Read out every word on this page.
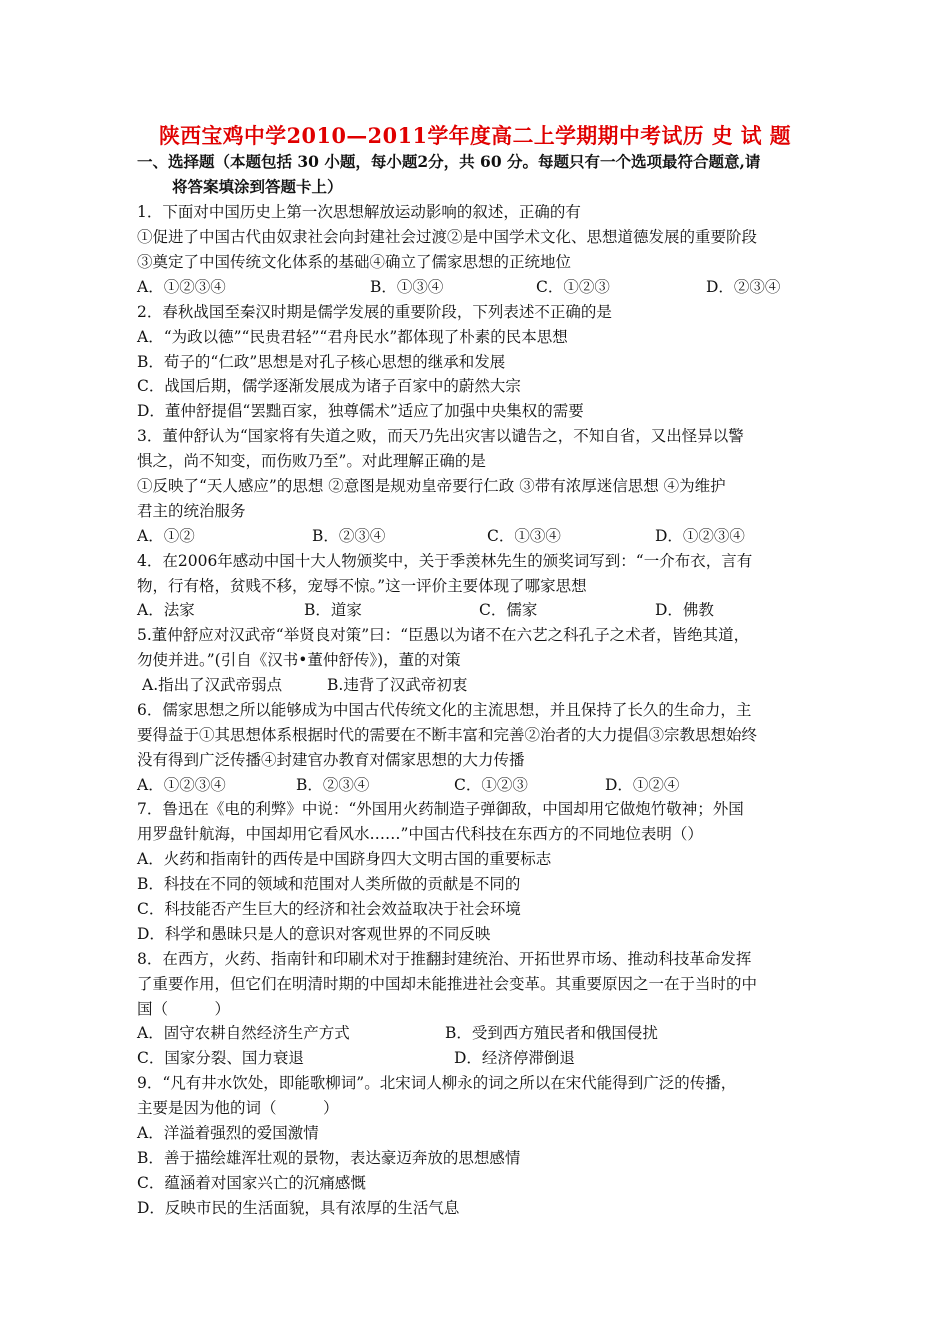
陕西宝鸡中学2010—2011学年度高二上学期期中考试历 史 试 题
一、选择题（本题包括 30 小题，每小题2分，共 60 分。每题只有一个选项最符合题意,请
将答案填涂到答题卡上）
1．下面对中国历史上第一次思想解放运动影响的叙述，正确的有
①促进了中国古代由奴隶社会向封建社会过渡②是中国学术文化、思想道德发展的重要阶段
③奠定了中国传统文化体系的基础④确立了儒家思想的正统地位
A．①②③④	B．①③④	C．①②③	D．②③④
2．春秋战国至秦汉时期是儒学发展的重要阶段，下列表述不正确的是
A．“为政以德”“民贵君轻”“君舟民水”都体现了朴素的民本思想
B．荀子的“仁政”思想是对孔子核心思想的继承和发展
C．战国后期，儒学逐渐发展成为诸子百家中的蔚然大宗
D．董仲舒提倡“罢黜百家，独尊儒术”适应了加强中央集权的需要
3．董仲舒认为“国家将有失道之败，而天乃先出灾害以谴告之，不知自省，又出怪异以警
惧之，尚不知变，而伤败乃至”。对此理解正确的是
①反映了“天人感应”的思想 ②意图是规劝皇帝要行仁政 ③带有浓厚迷信思想 ④为维护
君主的统治服务
A．①②	B．②③④	C．①③④	D．①②③④
4．在2006年感动中国十大人物颁奖中，关于季羡林先生的颁奖词写到：“一介布衣，言有
物，行有格，贫贱不移，宠辱不惊。”这一评价主要体现了哪家思想
A．法家	B．道家	C．儒家	D．佛教
5.董仲舒应对汉武帝“举贤良对策”曰：“臣愚以为诸不在六艺之科孔子之术者，皆绝其道，
勿使并进。”(引自《汉书•董仲舒传》)，董的对策
A.指出了汉武帝弱点	B.违背了汉武帝初衷
6．儒家思想之所以能够成为中国古代传统文化的主流思想，并且保持了长久的生命力，主
要得益于①其思想体系根据时代的需要在不断丰富和完善②治者的大力提倡③宗教思想始终
没有得到广泛传播④封建官办教育对儒家思想的大力传播
A．①②③④	B．②③④	C．①②③	D．①②④
7．鲁迅在《电的利弊》中说：“外国用火药制造子弹御敌，中国却用它做炮竹敬神；外国
用罗盘针航海，中国却用它看风水……”中国古代科技在东西方的不同地位表明（）
A．火药和指南针的西传是中国跻身四大文明古国的重要标志
B．科技在不同的领域和范围对人类所做的贡献是不同的
C．科技能否产生巨大的经济和社会效益取决于社会环境
D．科学和愚昧只是人的意识对客观世界的不同反映
8．在西方，火药、指南针和印刷术对于推翻封建统治、开拓世界市场、推动科技革命发挥
了重要作用，但它们在明清时期的中国却未能推进社会变革。其重要原因之一在于当时的中
国（　　　）
A．固守农耕自然经济生产方式	B．受到西方殖民者和俄国侵扰
C．国家分裂、国力衰退	D．经济停滞倒退
9．“凡有井水饮处，即能歌柳词”。北宋词人柳永的词之所以在宋代能得到广泛的传播，
主要是因为他的词（　　　）
A．洋溢着强烈的爱国激情
B．善于描绘雄浑壮观的景物，表达豪迈奔放的思想感情
C．蕴涵着对国家兴亡的沉痛感慨
D．反映市民的生活面貌，具有浓厚的生活气息
